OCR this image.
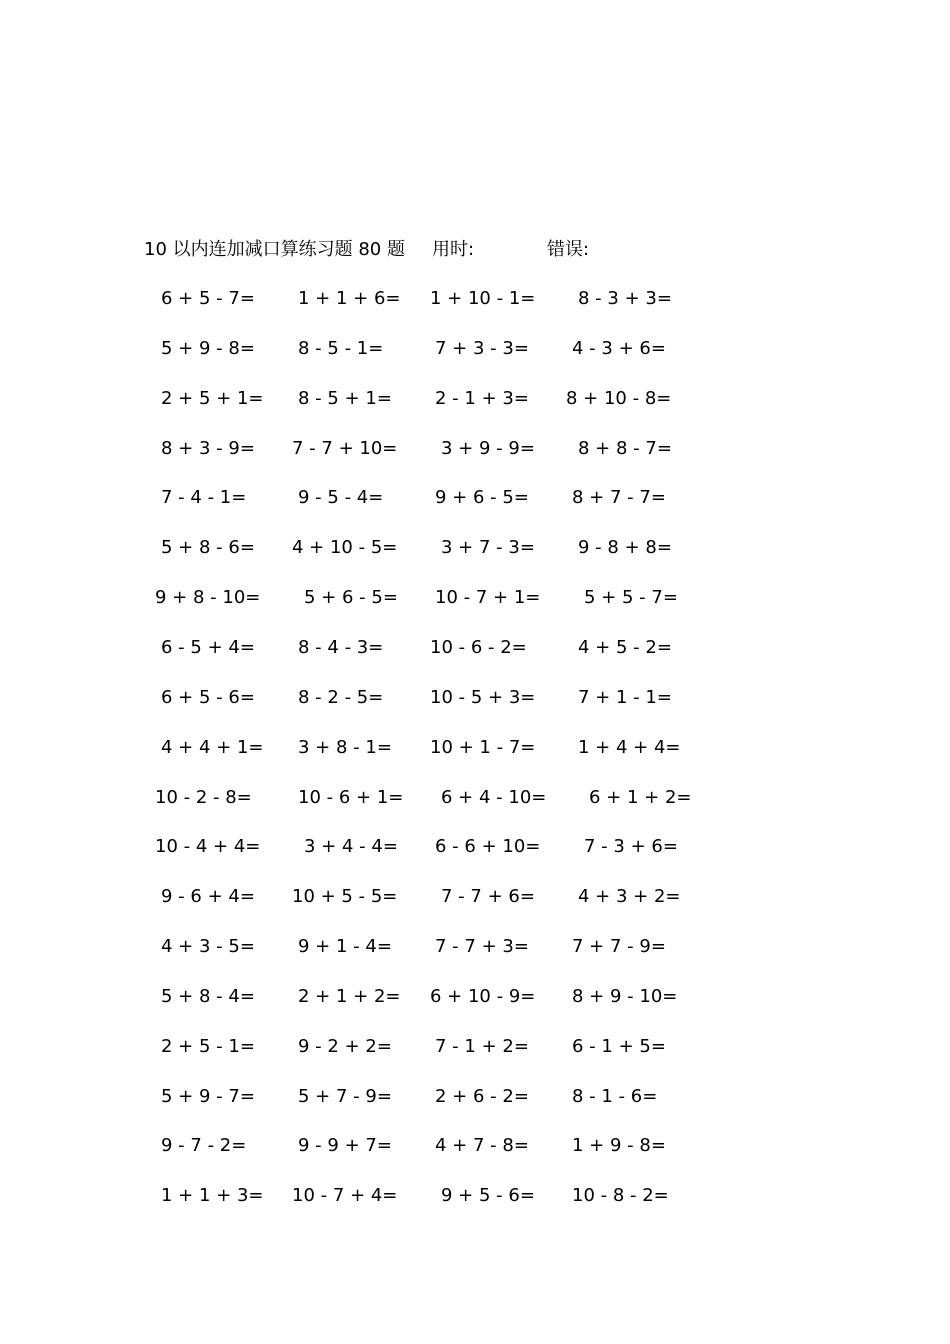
10 以内连加减口算练习题 80 题 用时:	错误:
6 + 5 - 7= 1 + 1 + 6= 1 + 10 - 1= 8 - 3 + 3=
5 + 9 - 8= 8 - 5 - 1=	7 + 3 - 3= 4 - 3 + 6=
2 + 5 + 1= 8 - 5 + 1= 2 - 1 + 3= 8 + 10 - 8=
8 + 3 - 9= 7 - 7 + 10= 3 + 9 - 9= 8 + 8 - 7=
7 - 4 - 1=	9 - 5 - 4=	9 + 6 - 5= 8 + 7 - 7=
5 + 8 - 6= 4 + 10 - 5= 3 + 7 - 3= 9 - 8 + 8=
9 + 8 - 10= 5 + 6 - 5= 10 - 7 + 1= 5 + 5 - 7=
6 - 5 + 4= 8 - 4 - 3=	10 - 6 - 2=	4 + 5 - 2=
6 + 5 - 6= 8 - 2 - 5=	10 - 5 + 3= 7 + 1 - 1=
4 + 4 + 1= 3 + 8 - 1= 10 + 1 - 7= 1 + 4 + 4=
10 - 2 - 8=	10 - 6 + 1= 6 + 4 - 10= 6 + 1 + 2=
10 - 4 + 4= 3 + 4 - 4= 6 - 6 + 10= 7 - 3 + 6=
9 - 6 + 4= 10 + 5 - 5= 7 - 7 + 6= 4 + 3 + 2=
4 + 3 - 5= 9 + 1 - 4= 7 - 7 + 3= 7 + 7 - 9=
5 + 8 - 4= 2 + 1 + 2= 6 + 10 - 9= 8 + 9 - 10=
2 + 5 - 1= 9 - 2 + 2= 7 - 1 + 2= 6 - 1 + 5=
5 + 9 - 7= 5 + 7 - 9= 2 + 6 - 2= 8 - 1 - 6=
9 - 7 - 2=	9 - 9 + 7= 4 + 7 - 8= 1 + 9 - 8=
1 + 1 + 3= 10 - 7 + 4= 9 + 5 - 6= 10 - 8 - 2=
